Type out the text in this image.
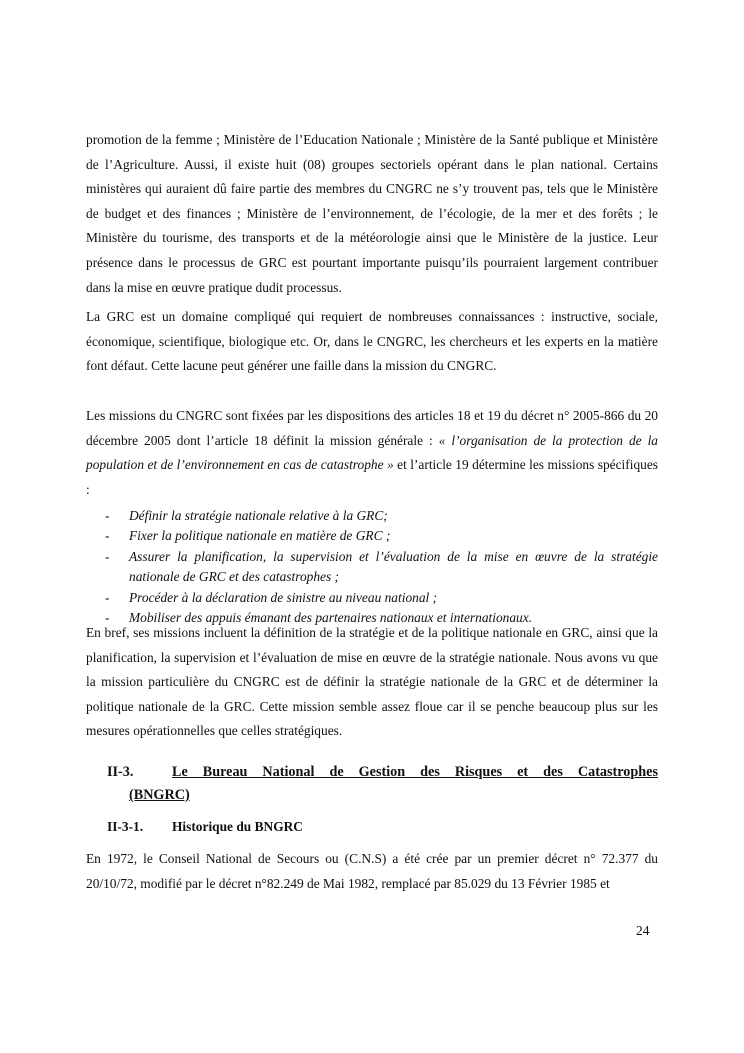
promotion de la femme ; Ministère de l’Education Nationale ; Ministère de la Santé publique et Ministère de l’Agriculture. Aussi, il existe huit (08) groupes sectoriels opérant dans le plan national. Certains ministères qui auraient dû faire partie des membres du CNGRC ne s’y trouvent pas, tels que le Ministère de budget et des finances ; Ministère de l’environnement, de l’écologie, de la mer et des forêts ; le Ministère du tourisme, des transports et de la météorologie ainsi que le Ministère de la justice. Leur présence dans le processus de GRC est pourtant importante puisqu’ils pourraient largement contribuer dans la mise en œuvre pratique dudit processus.

La GRC est un domaine compliqué qui requiert de nombreuses connaissances : instructive, sociale, économique, scientifique, biologique etc. Or, dans le CNGRC, les chercheurs et les experts en la matière font défaut. Cette lacune peut générer une faille dans la mission du CNGRC.

Les missions du CNGRC sont fixées par les dispositions des articles 18 et 19 du décret n° 2005-866 du 20 décembre 2005 dont l’article 18 définit la mission générale : « l’organisation de la protection de la population et de l’environnement en cas de catastrophe » et l’article 19 détermine les missions spécifiques :

- Définir la stratégie nationale relative à la GRC;
- Fixer la politique nationale en matière de GRC ;
- Assurer la planification, la supervision et l’évaluation de la mise en œuvre de la stratégie nationale de GRC et des catastrophes ;
- Procéder à la déclaration de sinistre au niveau national ;
- Mobiliser des appuis émanant des partenaires nationaux et internationaux.

En bref, ses missions incluent la définition de la stratégie et de la politique nationale en GRC, ainsi que la planification, la supervision et l’évaluation de mise en œuvre de la stratégie nationale. Nous avons vu que la mission particulière du CNGRC est de définir la stratégie nationale de la GRC et de déterminer la politique nationale de la GRC. Cette mission semble assez floue car il se penche beaucoup plus sur les mesures opérationnelles que celles stratégiques.

II-3.	Le Bureau National de Gestion des Risques et des Catastrophes
(BNGRC)
II-3-1. Historique du BNGRC

En 1972, le Conseil National de Secours ou (C.N.S) a été crée par un premier décret n° 72.377 du 20/10/72, modifié par le décret n°82.249 de Mai 1982, remplacé par 85.029 du 13 Février 1985 et

24
